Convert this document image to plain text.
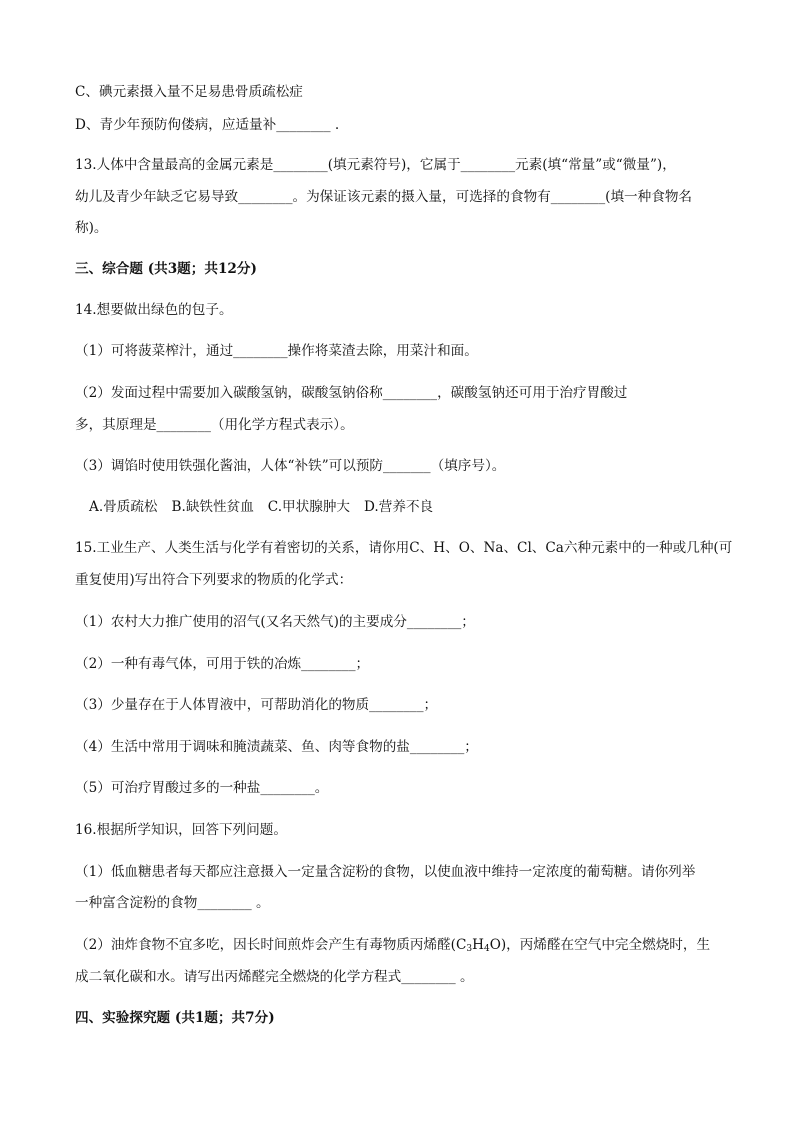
C、碘元素摄入量不足易患骨质疏松症
D、青少年预防佝偻病，应适量补________ .
13.人体中含量最高的金属元素是________(填元素符号)，它属于________元素(填“常量”或“微量”)，
幼儿及青少年缺乏它易导致________。为保证该元素的摄入量，可选择的食物有________(填一种食物名
称)。
三、综合题 (共3题；共12分)
14.想要做出绿色的包子。
（1）可将菠菜榨汁，通过________操作将菜渣去除，用菜汁和面。
（2）发面过程中需要加入碳酸氢钠，碳酸氢钠俗称________，碳酸氢钠还可用于治疗胃酸过
多，其原理是________（用化学方程式表示）。
（3）调馅时使用铁强化酱油，人体“补铁”可以预防_______（填序号）。
A.骨质疏松 B.缺铁性贫血 C.甲状腺肿大 D.营养不良
15.工业生产、人类生活与化学有着密切的关系，请你用C、H、O、Na、Cl、Ca六种元素中的一种或几种(可
重复使用)写出符合下列要求的物质的化学式：
（1）农村大力推广使用的沼气(又名天然气)的主要成分________；
（2）一种有毒气体，可用于铁的冶炼________；
（3）少量存在于人体胃液中，可帮助消化的物质________；
（4）生活中常用于调味和腌渍蔬菜、鱼、肉等食物的盐________；
（5）可治疗胃酸过多的一种盐________。
16.根据所学知识，回答下列问题。
（1）低血糖患者每天都应注意摄入一定量含淀粉的食物，以使血液中维持一定浓度的葡萄糖。请你列举
一种富含淀粉的食物________ 。
（2）油炸食物不宜多吃，因长时间煎炸会产生有毒物质丙烯醛$(C_3H_4O)$，丙烯醛在空气中完全燃烧时，生
成二氧化碳和水。请写出丙烯醛完全燃烧的化学方程式________ 。
四、实验探究题 (共1题；共7分)
